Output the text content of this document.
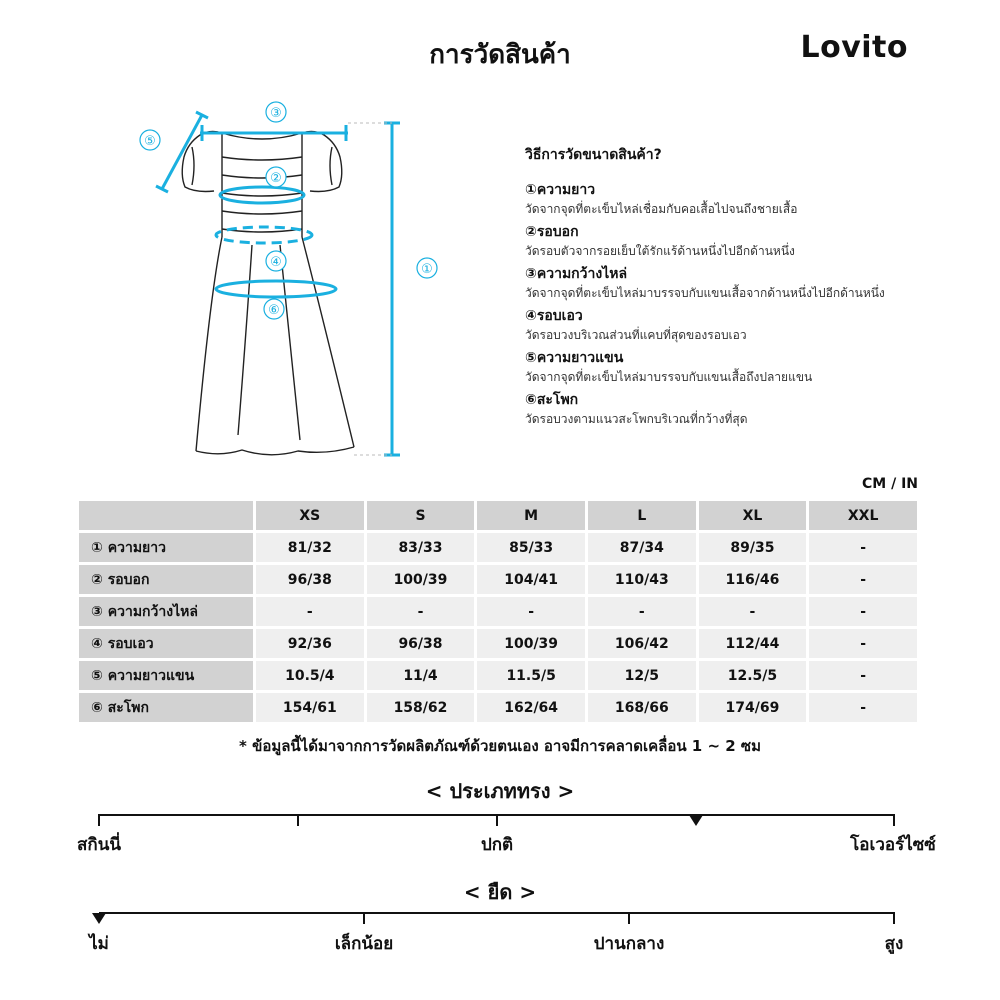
การวัดสินค้า	Lovito
③
⑤
②
④
⑥
①
วิธีการวัดขนาดสินค้า?
①ความยาว
วัดจากจุดที่ตะเข็บไหล่เชื่อมกับคอเสื้อไปจนถึงชายเสื้อ
②รอบอก
วัดรอบตัวจากรอยเย็บใต้รักแร้ด้านหนึ่งไปอีกด้านหนึ่ง
③ความกว้างไหล่
วัดจากจุดที่ตะเข็บไหล่มาบรรจบกับแขนเสื้อจากด้านหนึ่งไปอีกด้านหนึ่ง
④รอบเอว
วัดรอบวงบริเวณส่วนที่แคบที่สุดของรอบเอว
⑤ความยาวแขน
วัดจากจุดที่ตะเข็บไหล่มาบรรจบกับแขนเสื้อถึงปลายแขน
⑥สะโพก
วัดรอบวงตามแนวสะโพกบริเวณที่กว้างที่สุด
CM / IN
	XS	S	M	L	XL	XXL
① ความยาว	81/32	83/33	85/33	87/34	89/35	-
② รอบอก	96/38	100/39	104/41	110/43	116/46	-
③ ความกว้างไหล่	-	-	-	-	-	-
④ รอบเอว	92/36	96/38	100/39	106/42	112/44	-
⑤ ความยาวแขน	10.5/4	11/4	11.5/5	12/5	12.5/5	-
⑥ สะโพก	154/61	158/62	162/64	168/66	174/69	-
* ข้อมูลนี้ได้มาจากการวัดผลิตภัณฑ์ด้วยตนเอง อาจมีการคลาดเคลื่อน 1 ~ 2 ซม
< ประเภททรง >
สกินนี่	ปกติ	โอเวอร์ไซซ์
< ยืด >
ไม่	เล็กน้อย	ปานกลาง	สูง
